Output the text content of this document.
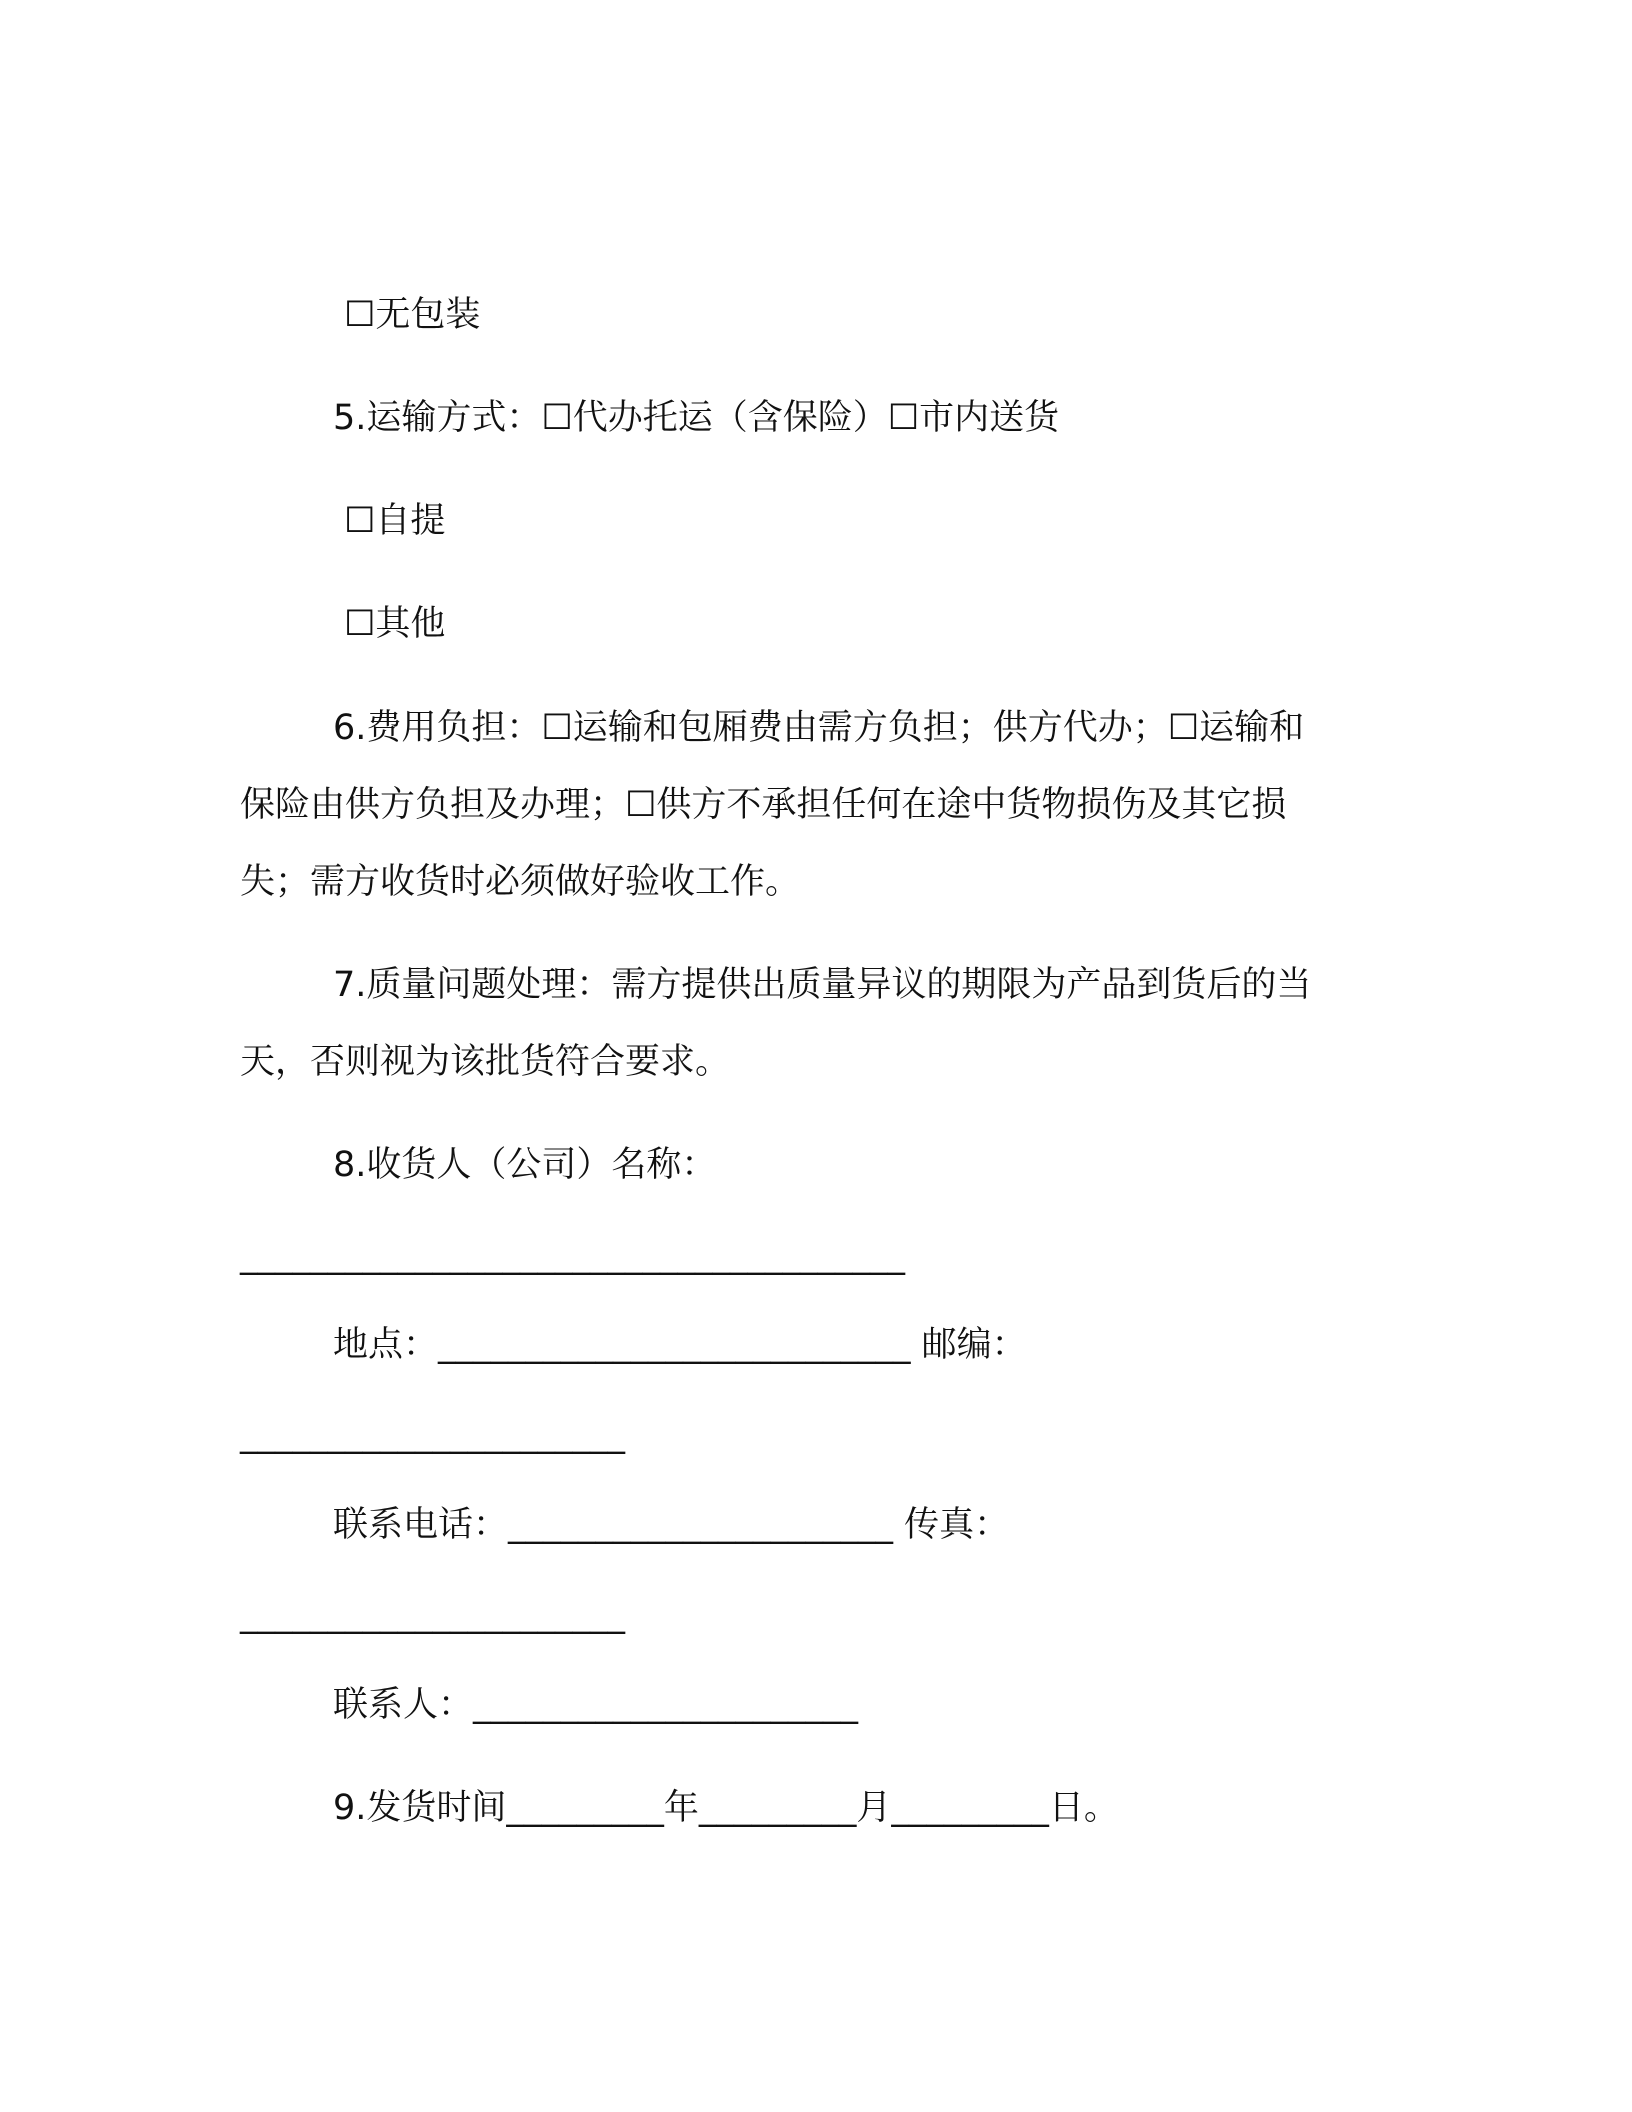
☐无包装
5.运输方式：☐代办托运（含保险）☐市内送货
☐自提
☐其他
6.费用负担：☐运输和包厢费由需方负担；供方代办；☐运输和
保险由供方负担及办理；☐供方不承担任何在途中货物损伤及其它损
失；需方收货时必须做好验收工作。
7.质量问题处理：需方提供出质量异议的期限为产品到货后的当
天，否则视为该批货符合要求。
8.收货人（公司）名称：
______________________________________
地点：___________________________ 邮编：
______________________
联系电话：______________________ 传真：
______________________
联系人：______________________
9.发货时间_________年_________月_________日。
